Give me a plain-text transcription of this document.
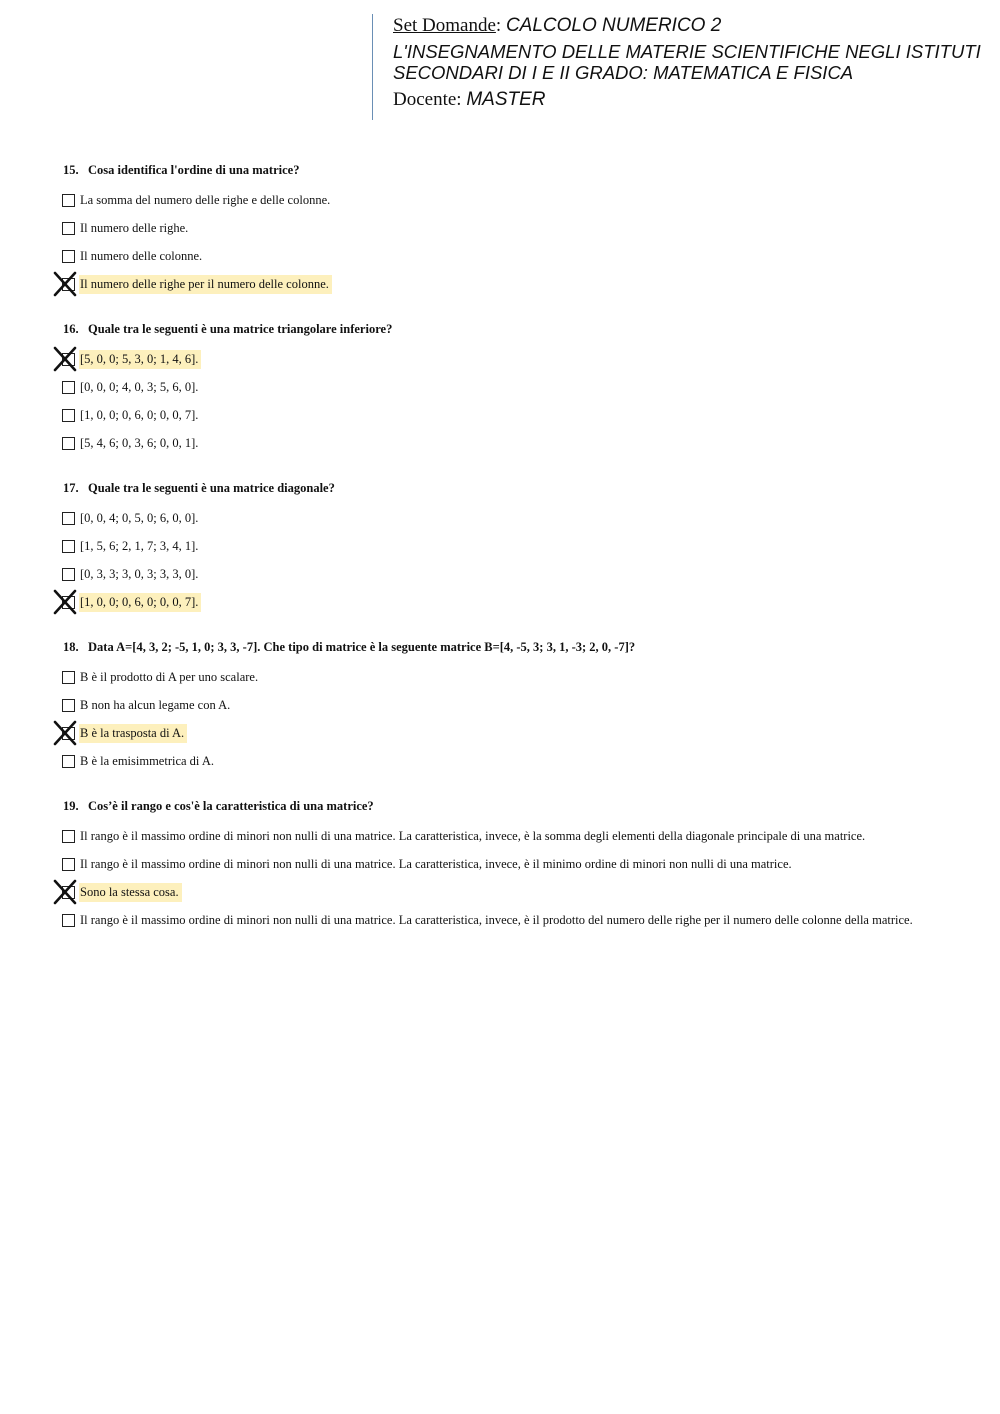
Set Domande: CALCOLO NUMERICO 2
L'INSEGNAMENTO DELLE MATERIE SCIENTIFICHE NEGLI ISTITUTI
SECONDARI DI I E II GRADO: MATEMATICA E FISICA
Docente: MASTER
15. Cosa identifica l'ordine di una matrice?
La somma del numero delle righe e delle colonne.
Il numero delle righe.
Il numero delle colonne.
Il numero delle righe per il numero delle colonne.
16. Quale tra le seguenti è una matrice triangolare inferiore?
[5, 0, 0; 5, 3, 0; 1, 4, 6].
[0, 0, 0; 4, 0, 3; 5, 6, 0].
[1, 0, 0; 0, 6, 0; 0, 0, 7].
[5, 4, 6; 0, 3, 6; 0, 0, 1].
17. Quale tra le seguenti è una matrice diagonale?
[0, 0, 4; 0, 5, 0; 6, 0, 0].
[1, 5, 6; 2, 1, 7; 3, 4, 1].
[0, 3, 3; 3, 0, 3; 3, 3, 0].
[1, 0, 0; 0, 6, 0; 0, 0, 7].
18. Data A=[4, 3, 2; -5, 1, 0; 3, 3, -7]. Che tipo di matrice è la seguente matrice B=[4, -5, 3; 3, 1, -3; 2, 0, -7]?
B è il prodotto di A per uno scalare.
B non ha alcun legame con A.
B è la trasposta di A.
B è la emisimmetrica di A.
19. Cos’è il rango e cos'è la caratteristica di una matrice?
Il rango è il massimo ordine di minori non nulli di una matrice. La caratteristica, invece, è la somma degli elementi della diagonale principale di una matrice.
Il rango è il massimo ordine di minori non nulli di una matrice. La caratteristica, invece, è il minimo ordine di minori non nulli di una matrice.
Sono la stessa cosa.
Il rango è il massimo ordine di minori non nulli di una matrice. La caratteristica, invece, è il prodotto del numero delle righe per il numero delle colonne della matrice.
